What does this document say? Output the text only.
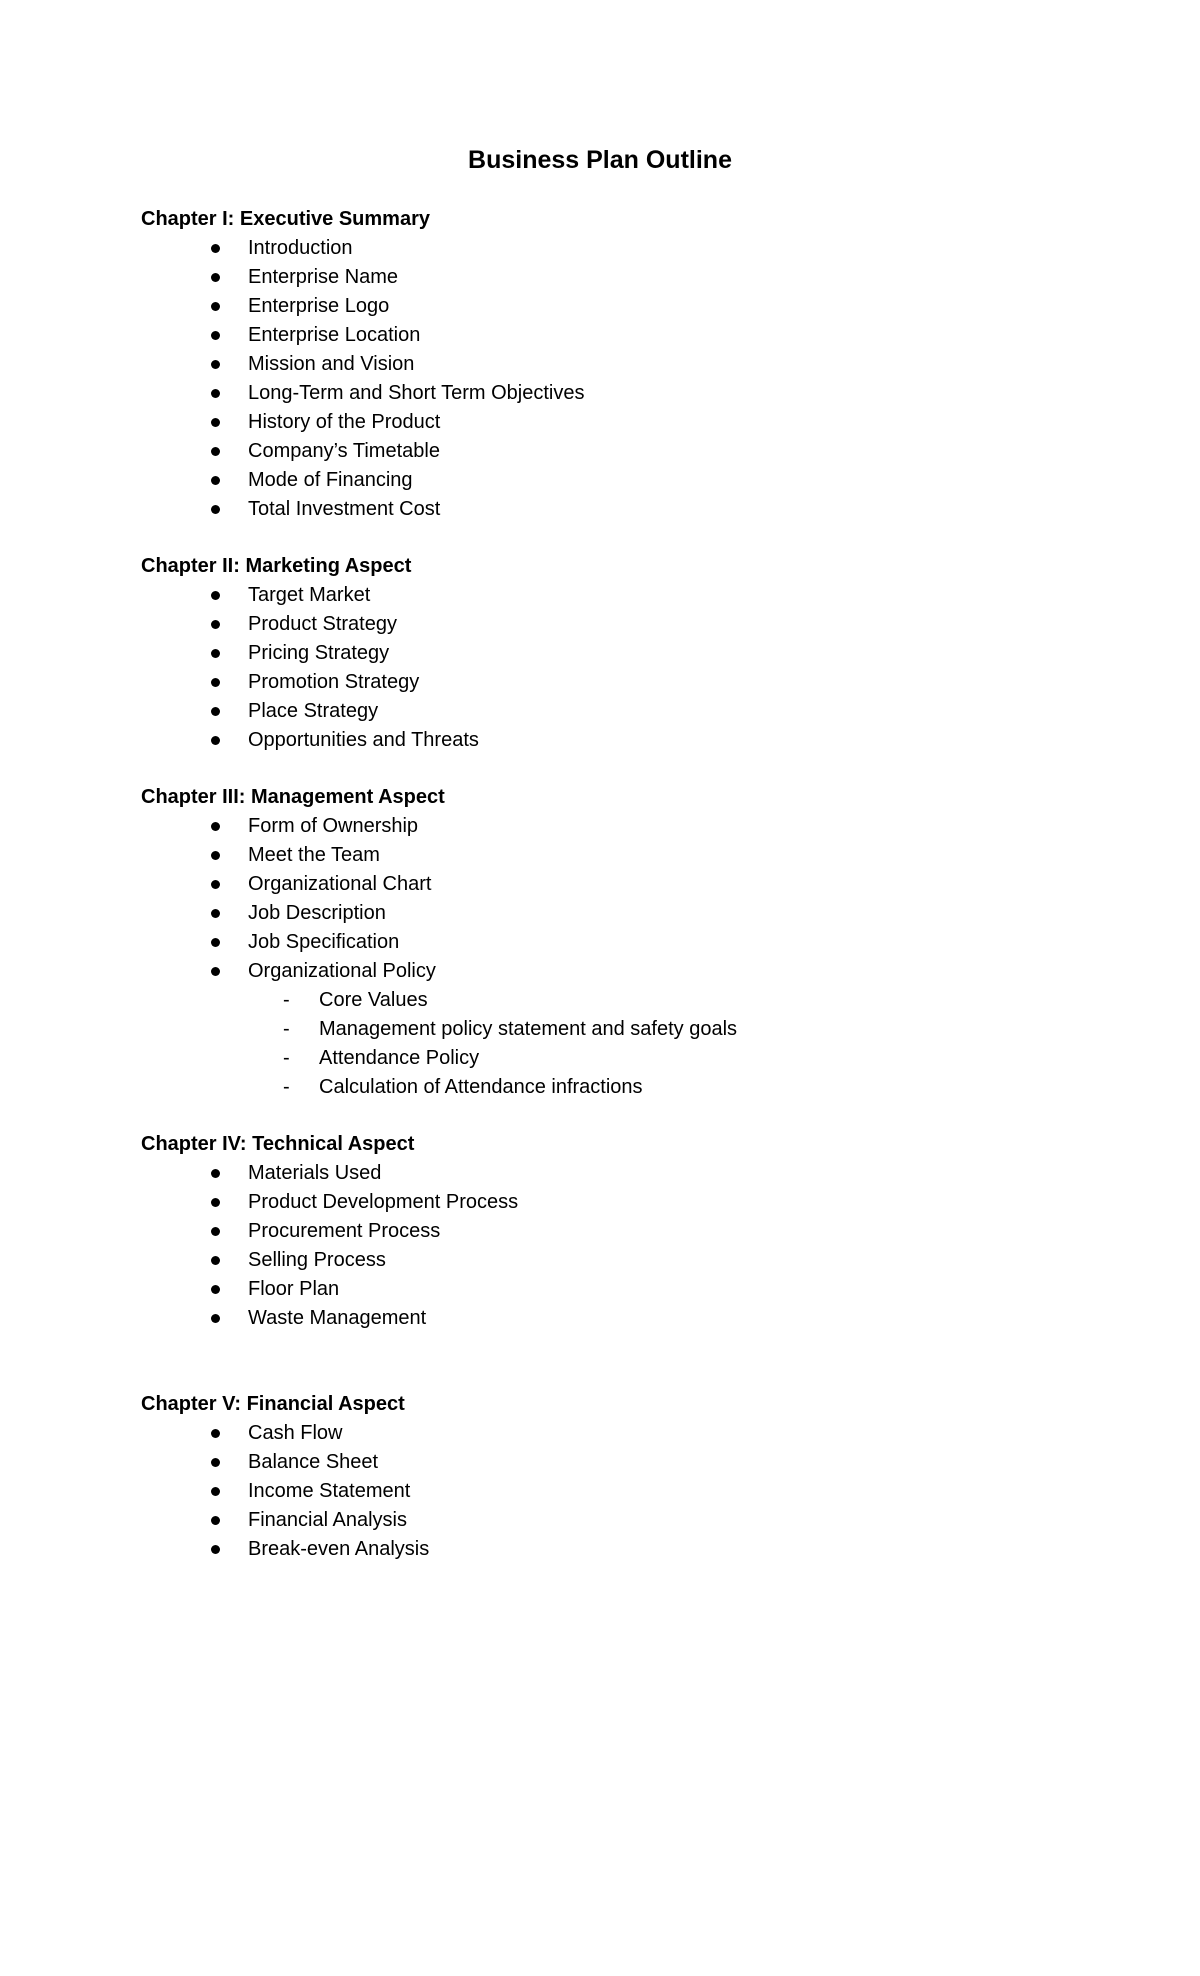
Business Plan Outline
Chapter I: Executive Summary
Introduction
Enterprise Name
Enterprise Logo
Enterprise Location
Mission and Vision
Long-Term and Short Term Objectives
History of the Product
Company’s Timetable
Mode of Financing
Total Investment Cost
Chapter II: Marketing Aspect
Target Market
Product Strategy
Pricing Strategy
Promotion Strategy
Place Strategy
Opportunities and Threats
Chapter III: Management Aspect
Form of Ownership
Meet the Team
Organizational Chart
Job Description
Job Specification
Organizational Policy
- Core Values
- Management policy statement and safety goals
- Attendance Policy
- Calculation of Attendance infractions
Chapter IV: Technical Aspect
Materials Used
Product Development Process
Procurement Process
Selling Process
Floor Plan
Waste Management
Chapter V: Financial Aspect
Cash Flow
Balance Sheet
Income Statement
Financial Analysis
Break-even Analysis
